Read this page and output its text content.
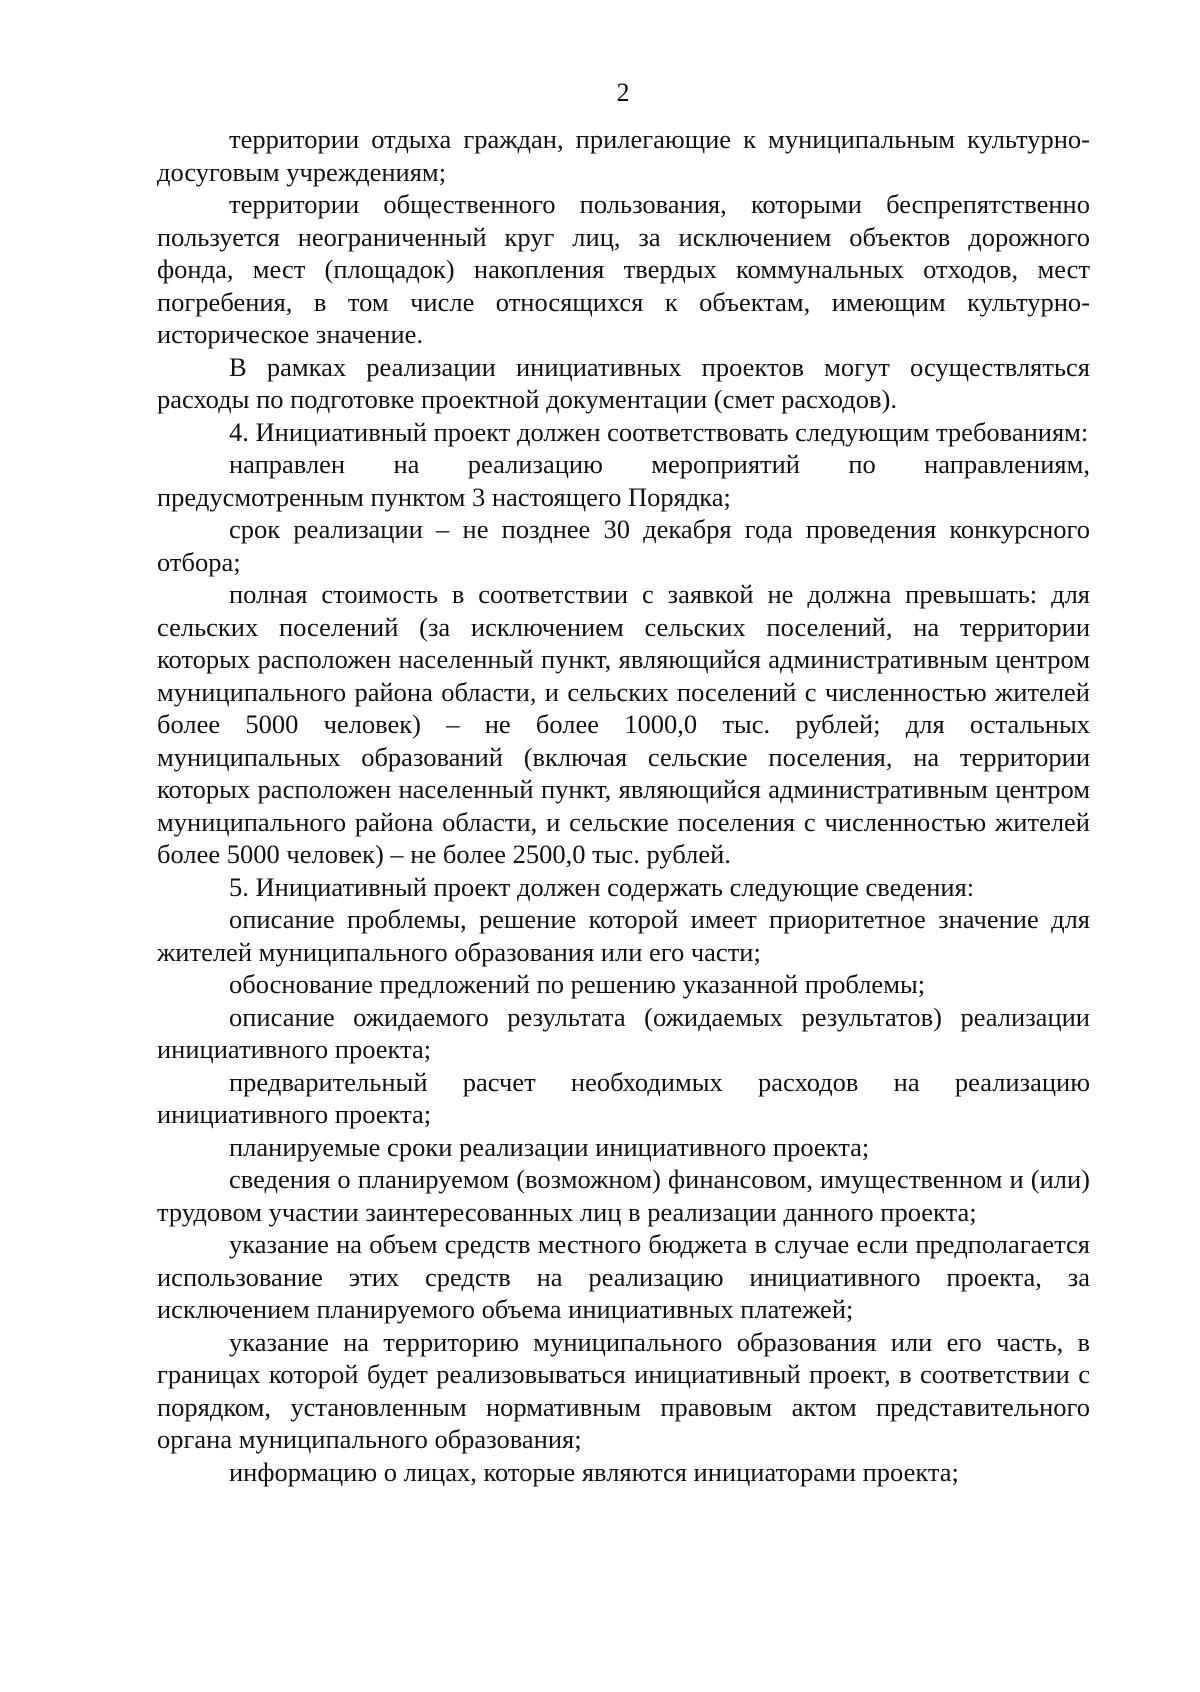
2

территории отдыха граждан, прилегающие к муниципальным культурно-досуговым учреждениям;

территории общественного пользования, которыми беспрепятственно пользуется неограниченный круг лиц, за исключением объектов дорожного фонда, мест (площадок) накопления твердых коммунальных отходов, мест погребения, в том числе относящихся к объектам, имеющим культурно-историческое значение.

В рамках реализации инициативных проектов могут осуществляться расходы по подготовке проектной документации (смет расходов).

4. Инициативный проект должен соответствовать следующим требованиям:

направлен на реализацию мероприятий по направлениям, предусмотренным пунктом 3 настоящего Порядка;

срок реализации – не позднее 30 декабря года проведения конкурсного отбора;

полная стоимость в соответствии с заявкой не должна превышать: для сельских поселений (за исключением сельских поселений, на территории которых расположен населенный пункт, являющийся административным центром муниципального района области, и сельских поселений с численностью жителей более 5000 человек) – не более 1000,0 тыс. рублей; для остальных муниципальных образований (включая сельские поселения, на территории которых расположен населенный пункт, являющийся административным центром муниципального района области, и сельские поселения с численностью жителей более 5000 человек) – не более 2500,0 тыс. рублей.

5. Инициативный проект должен содержать следующие сведения:

описание проблемы, решение которой имеет приоритетное значение для жителей муниципального образования или его части;

обоснование предложений по решению указанной проблемы;

описание ожидаемого результата (ожидаемых результатов) реализации инициативного проекта;

предварительный расчет необходимых расходов на реализацию инициативного проекта;

планируемые сроки реализации инициативного проекта;

сведения о планируемом (возможном) финансовом, имущественном и (или) трудовом участии заинтересованных лиц в реализации данного проекта;

указание на объем средств местного бюджета в случае если предполагается использование этих средств на реализацию инициативного проекта, за исключением планируемого объема инициативных платежей;

указание на территорию муниципального образования или его часть, в границах которой будет реализовываться инициативный проект, в соответствии с порядком, установленным нормативным правовым актом представительного органа муниципального образования;

информацию о лицах, которые являются инициаторами проекта;
